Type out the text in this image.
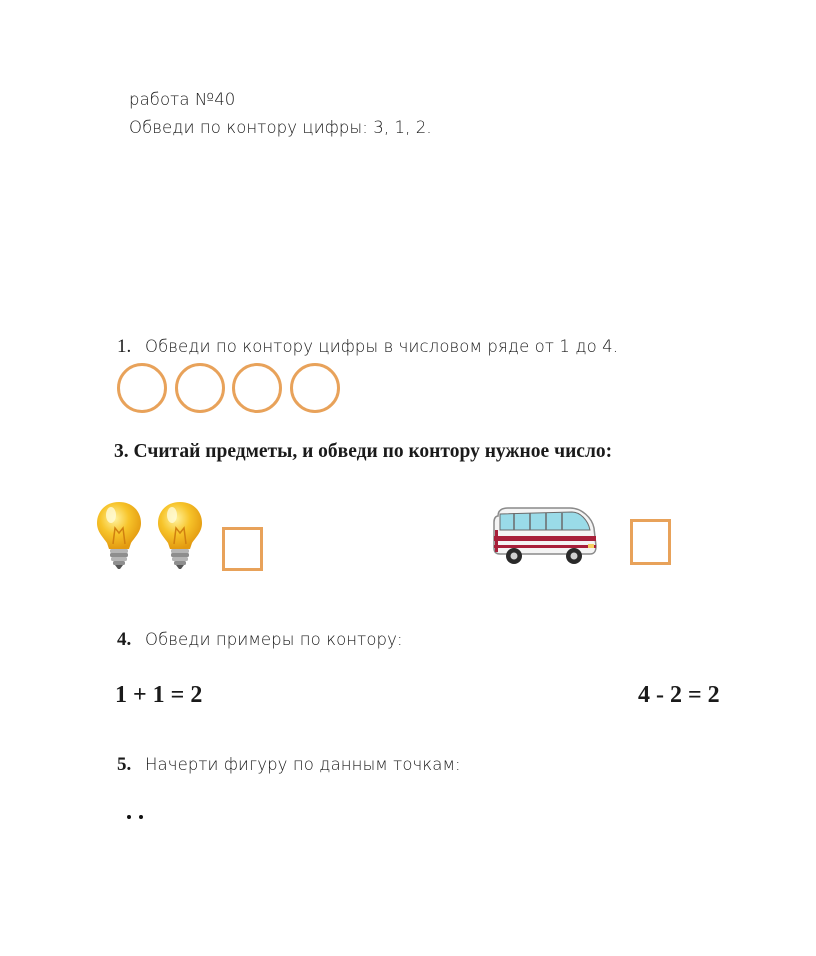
работа №40
Обведи по контору цифры: 3, 1, 2.
1. Обведи по контору цифры в числовом ряде от 1 до 4.
3. Считай предметы, и обведи по контору нужное число:
4. Обведи примеры по контору:
1 + 1 = 2	4 - 2 = 2
5. Начерти фигуру по данным точкам:
